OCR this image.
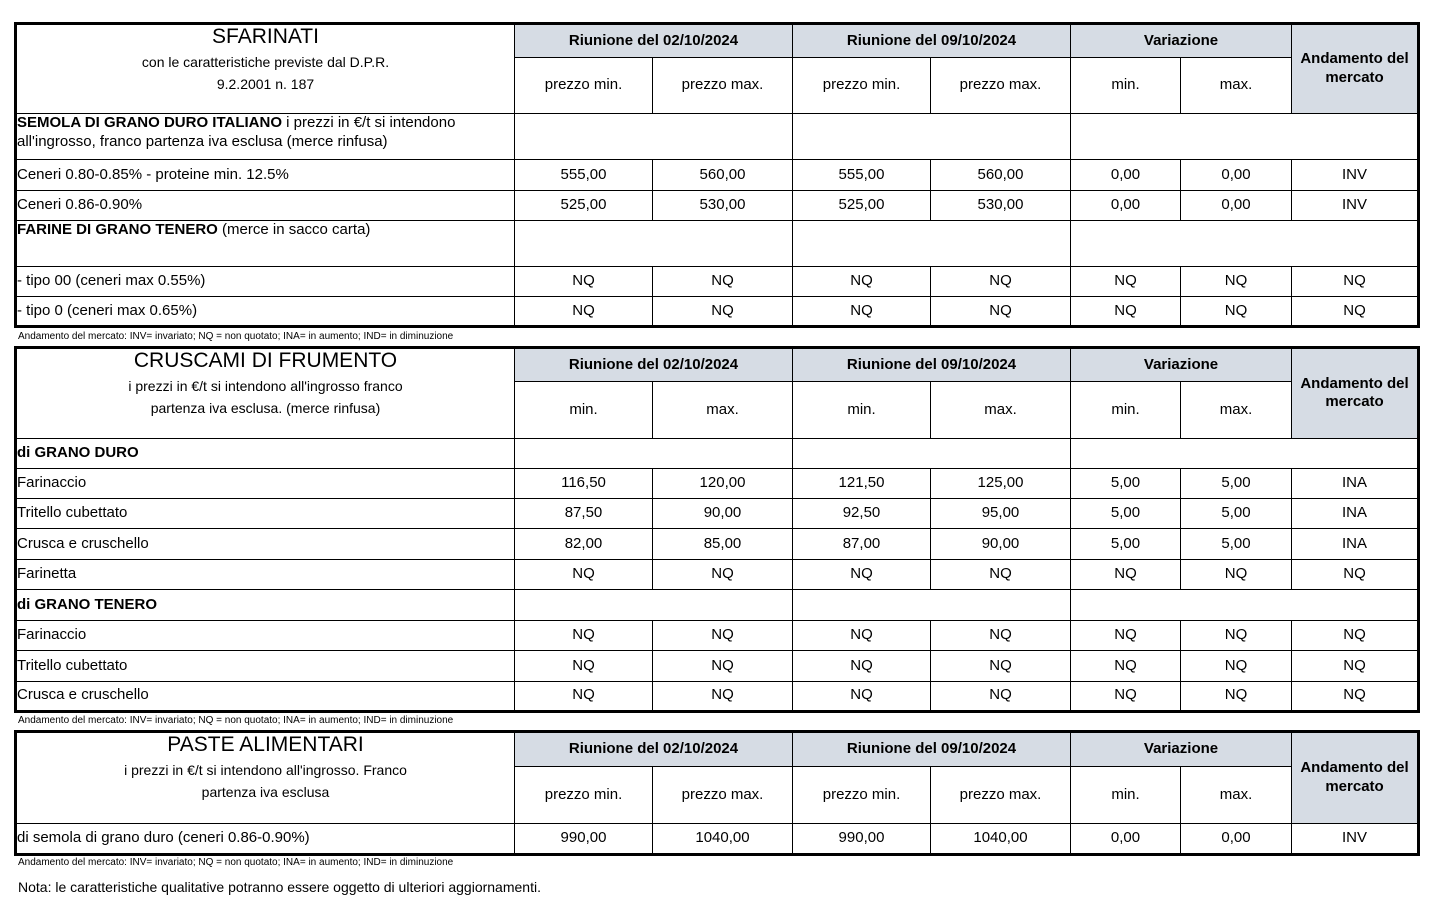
SFARINATI
con le caratteristiche previste dal D.P.R.
9.2.2001 n. 187	Riunione del 02/10/2024		Riunione del 09/10/2024		Variazione		Andamento del mercato
	prezzo min.	prezzo max.	prezzo min.	prezzo max.	min.	max.	
SEMOLA DI GRANO DURO ITALIANO i prezzi in €/t si intendono
all'ingrosso, franco partenza iva esclusa (merce rinfusa)							
Ceneri 0.80-0.85% - proteine min. 12.5%	555,00	560,00	555,00	560,00	0,00	0,00	INV
Ceneri 0.86-0.90%	525,00	530,00	525,00	530,00	0,00	0,00	INV
FARINE DI GRANO TENERO (merce in sacco carta)							
- tipo 00 (ceneri max 0.55%)	NQ	NQ	NQ	NQ	NQ	NQ	NQ
- tipo 0 (ceneri max 0.65%)	NQ	NQ	NQ	NQ	NQ	NQ	NQ
Andamento del mercato: INV= invariato; NQ = non quotato; INA= in aumento; IND= in diminuzione
CRUSCAMI DI FRUMENTO
i prezzi in €/t si intendono all'ingrosso franco
partenza iva esclusa. (merce rinfusa)	Riunione del 02/10/2024		Riunione del 09/10/2024		Variazione		Andamento del mercato
	min.	max.	min.	max.	min.	max.	
di GRANO DURO							
Farinaccio	116,50	120,00	121,50	125,00	5,00	5,00	INA
Tritello cubettato	87,50	90,00	92,50	95,00	5,00	5,00	INA
Crusca e cruschello	82,00	85,00	87,00	90,00	5,00	5,00	INA
Farinetta	NQ	NQ	NQ	NQ	NQ	NQ	NQ
di GRANO TENERO							
Farinaccio	NQ	NQ	NQ	NQ	NQ	NQ	NQ
Tritello cubettato	NQ	NQ	NQ	NQ	NQ	NQ	NQ
Crusca e cruschello	NQ	NQ	NQ	NQ	NQ	NQ	NQ
Andamento del mercato: INV= invariato; NQ = non quotato; INA= in aumento; IND= in diminuzione
PASTE ALIMENTARI
i prezzi in €/t si intendono all'ingrosso. Franco
partenza iva esclusa	Riunione del 02/10/2024		Riunione del 09/10/2024		Variazione		Andamento del mercato
	prezzo min.	prezzo max.	prezzo min.	prezzo max.	min.	max.	
di semola di grano duro (ceneri 0.86-0.90%)	990,00	1040,00	990,00	1040,00	0,00	0,00	INV
Andamento del mercato: INV= invariato; NQ = non quotato; INA= in aumento; IND= in diminuzione
Nota: le caratteristiche qualitative potranno essere oggetto di ulteriori aggiornamenti.
